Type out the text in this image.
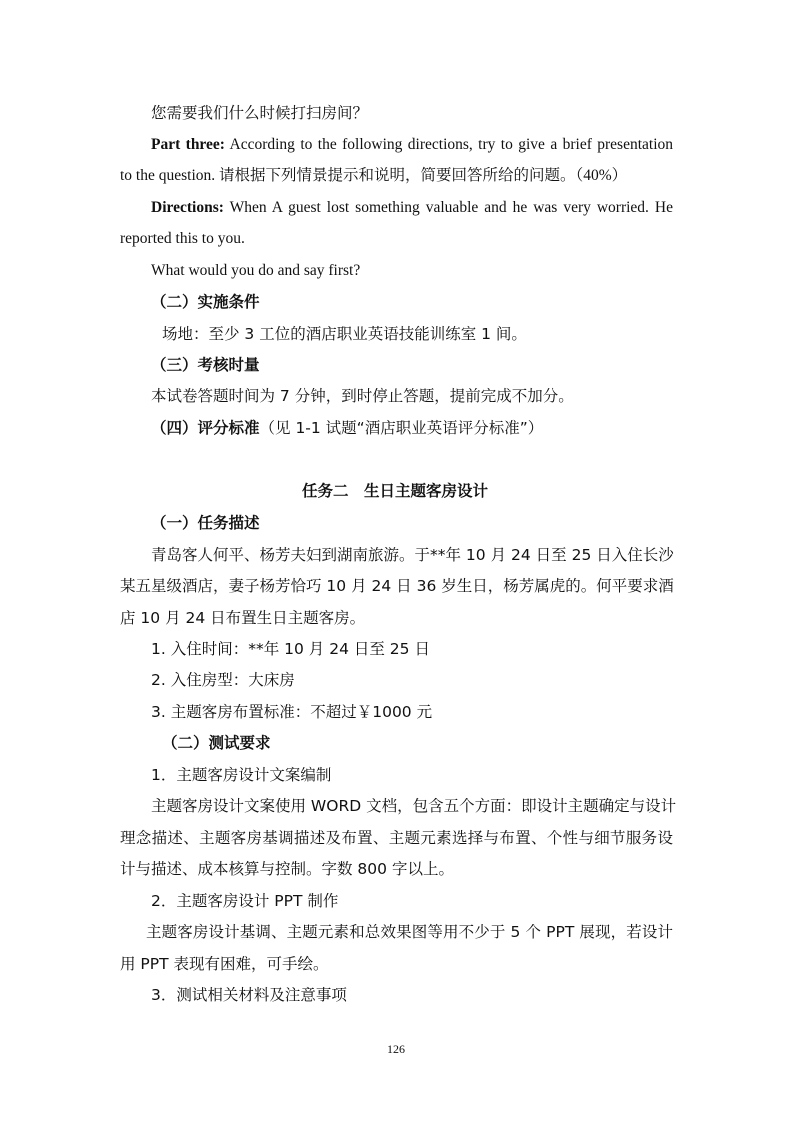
您需要我们什么时候打扫房间？
Part three: According to the following directions, try to give a brief presentation
to the question. 请根据下列情景提示和说明，简要回答所给的问题。（40%）
Directions: When A guest lost something valuable and he was very worried. He
reported this to you.
What would you do and say first?
（二）实施条件
场地：至少 3 工位的酒店职业英语技能训练室 1 间。
（三）考核时量
本试卷答题时间为 7 分钟，到时停止答题，提前完成不加分。
（四）评分标准（见 1-1 试题“酒店职业英语评分标准”）
任务二　生日主题客房设计
（一）任务描述
青岛客人何平、杨芳夫妇到湖南旅游。于**年 10 月 24 日至 25 日入住长沙
某五星级酒店，妻子杨芳恰巧 10 月 24 日 36 岁生日，杨芳属虎的。何平要求酒
店 10 月 24 日布置生日主题客房。
1. 入住时间：**年 10 月 24 日至 25 日
2. 入住房型：大床房
3. 主题客房布置标准：不超过￥1000 元
（二）测试要求
1．主题客房设计文案编制
主题客房设计文案使用 WORD 文档，包含五个方面：即设计主题确定与设计
理念描述、主题客房基调描述及布置、主题元素选择与布置、个性与细节服务设
计与描述、成本核算与控制。字数 800 字以上。
2．主题客房设计 PPT 制作
主题客房设计基调、主题元素和总效果图等用不少于 5 个 PPT 展现，若设计
用 PPT 表现有困难，可手绘。
3．测试相关材料及注意事项
126
